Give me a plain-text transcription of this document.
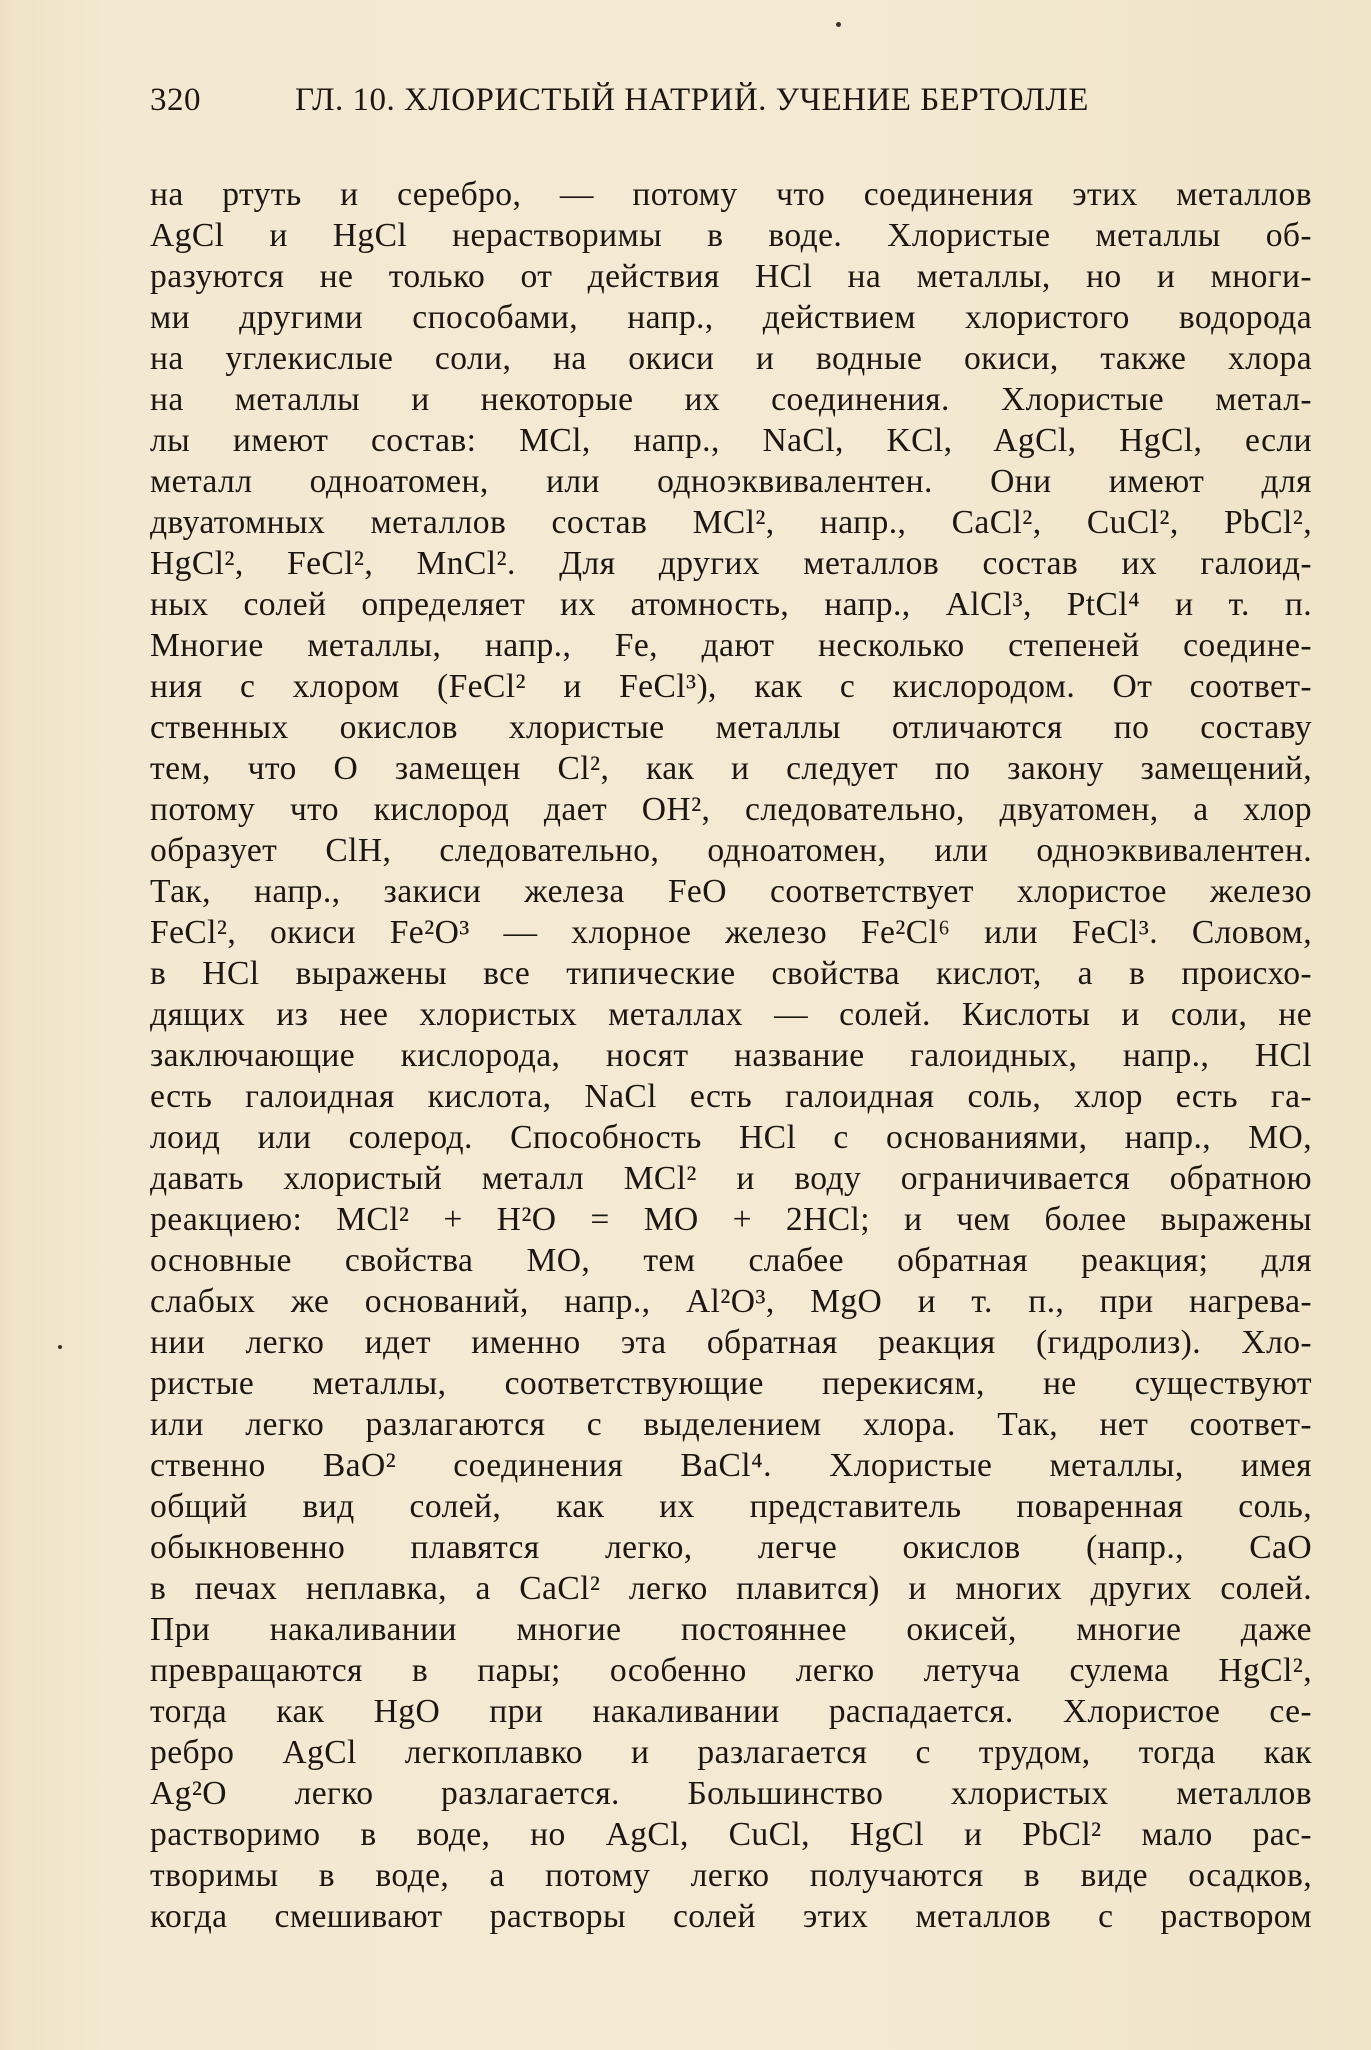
320	ГЛ. 10. ХЛОРИСТЫЙ НАТРИЙ. УЧЕНИЕ БЕРТОЛЛЕ
на ртуть и серебро, — потому что соединения этих металлов
AgCl и HgCl нерастворимы в воде. Хлористые металлы об-
разуются не только от действия HCl на металлы, но и многи-
ми другими способами, напр., действием хлористого водорода
на углекислые соли, на окиси и водные окиси, также хлора
на металлы и некоторые их соединения. Хлористые метал-
лы имеют состав: MCl, напр., NaCl, KCl, AgCl, HgCl, если
металл одноатомен, или одноэквивалентен. Они имеют для
двуатомных металлов состав MCl², напр., CaCl², CuCl², PbCl²,
HgCl², FeCl², MnCl². Для других металлов состав их галоид-
ных солей определяет их атомность, напр., AlCl³, PtCl⁴ и т. п.
Многие металлы, напр., Fe, дают несколько степеней соедине-
ния с хлором (FeCl² и FeCl³), как с кислородом. От соответ-
ственных окислов хлористые металлы отличаются по составу
тем, что O замещен Cl², как и следует по закону замещений,
потому что кислород дает OH², следовательно, двуатомен, а хлор
образует ClH, следовательно, одноатомен, или одноэквивалентен.
Так, напр., закиси железа FeO соответствует хлористое железо
FeCl², окиси Fe²O³ — хлорное железо Fe²Cl⁶ или FeCl³. Словом,
в HCl выражены все типические свойства кислот, а в происхо-
дящих из нее хлористых металлах — солей. Кислоты и соли, не
заключающие кислорода, носят название галоидных, напр., HCl
есть галоидная кислота, NaCl есть галоидная соль, хлор есть га-
лоид или солерод. Способность HCl с основаниями, напр., MO,
давать хлористый металл MCl² и воду ограничивается обратною
реакциею: MCl² + H²O = MO + 2HCl; и чем более выражены
основные свойства MO, тем слабее обратная реакция; для
слабых же оснований, напр., Al²O³, MgO и т. п., при нагрева-
нии легко идет именно эта обратная реакция (гидролиз). Хло-
ристые металлы, соответствующие перекисям, не существуют
или легко разлагаются с выделением хлора. Так, нет соответ-
ственно BaO² соединения BaCl⁴. Хлористые металлы, имея
общий вид солей, как их представитель поваренная соль,
обыкновенно плавятся легко, легче окислов (напр., CaO
в печах неплавка, а CaCl² легко плавится) и многих других солей.
При накаливании многие постояннее окисей, многие даже
превращаются в пары; особенно легко летуча сулема HgCl²,
тогда как HgO при накаливании распадается. Хлористое се-
ребро AgCl легкоплавко и разлагается с трудом, тогда как
Ag²O легко разлагается. Большинство хлористых металлов
растворимо в воде, но AgCl, CuCl, HgCl и PbCl² мало рас-
творимы в воде, а потому легко получаются в виде осадков,
когда смешивают растворы солей этих металлов с раствором
